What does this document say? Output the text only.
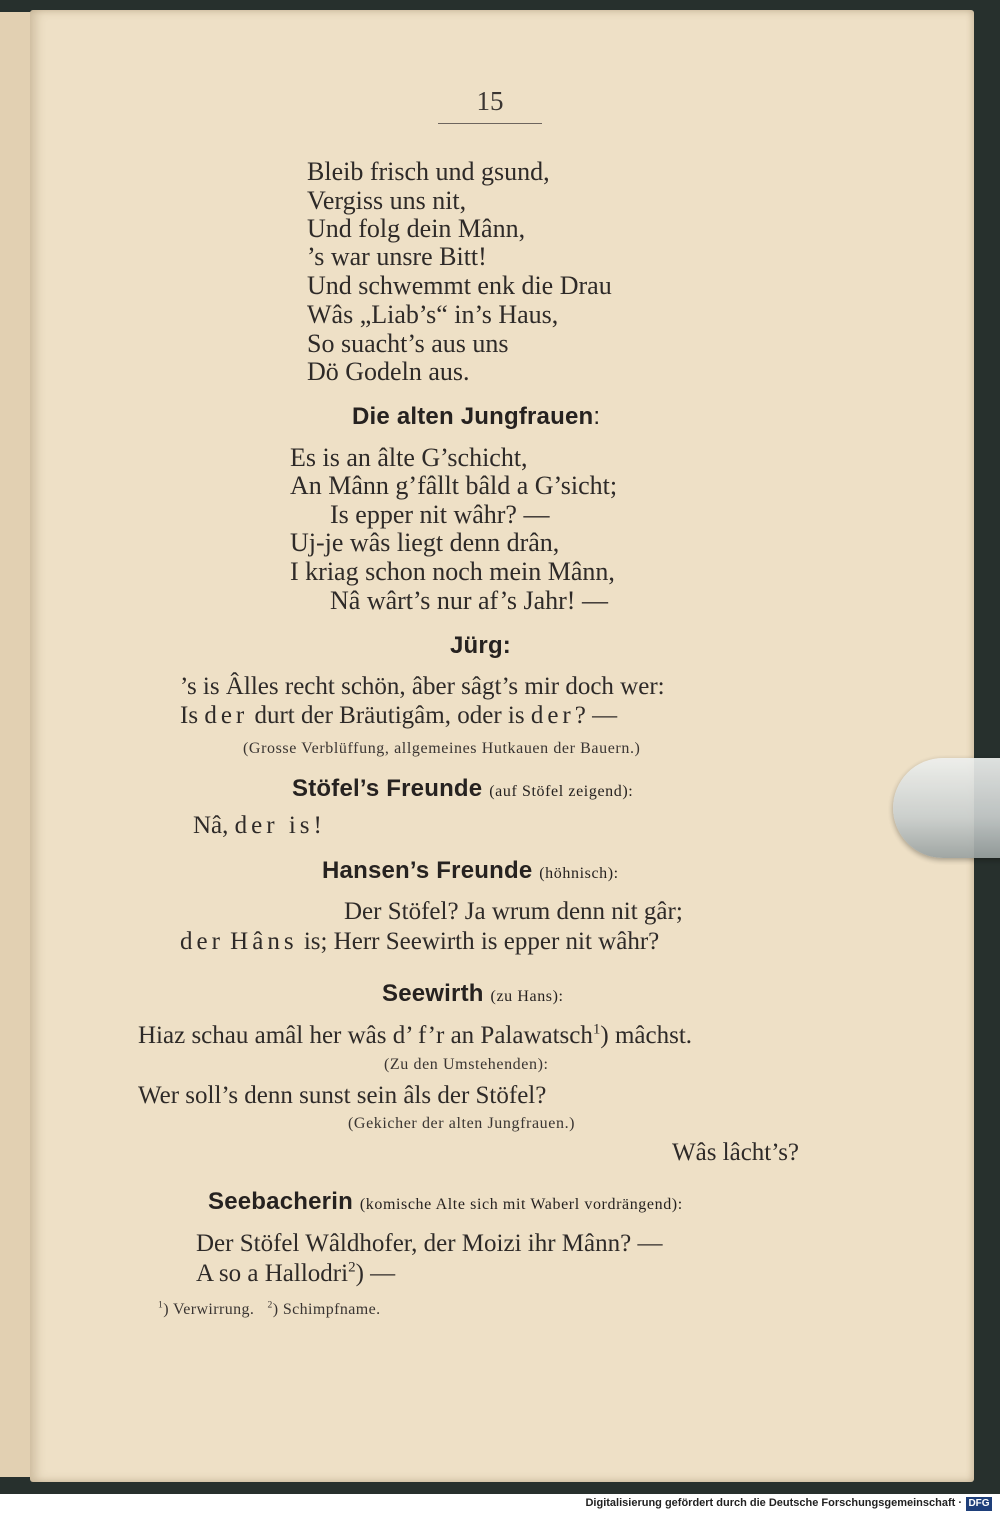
15
Bleib frisch und gsund,
Vergiss uns nit,
Und folg dein Mânn,
’s war unsre Bitt!
Und schwemmt enk die Drau
Wâs „Liab’s“ in’s Haus,
So suacht’s aus uns
Dö Godeln aus.
Die alten Jungfrauen:
Es is an âlte G’schicht,
An Mânn g’fâllt bâld a G’sicht;
Is epper nit wâhr? —
Uj-je wâs liegt denn drân,
I kriag schon noch mein Mânn,
Nâ wârt’s nur af’s Jahr! —
Jürg:
’s is Âlles recht schön, âber sâgt’s mir doch wer:
Is der durt der Bräutigâm, oder is der? —
(Grosse Verblüffung, allgemeines Hutkauen der Bauern.)
Stöfel’s Freunde (auf Stöfel zeigend):
Nâ, der is!
Hansen’s Freunde (höhnisch):
Der Stöfel? Ja wrum denn nit gâr;
der Hâns is; Herr Seewirth is epper nit wâhr?
Seewirth (zu Hans):
Hiaz schau amâl her wâs d’ f’r an Palawatsch$^1$) mâchst.
(Zu den Umstehenden):
Wer soll’s denn sunst sein âls der Stöfel?
(Gekicher der alten Jungfrauen.)
Wâs lâcht’s?
Seebacherin (komische Alte sich mit Waberl vordrängend):
Der Stöfel Wâldhofer, der Moizi ihr Mânn? —
A so a Hallodri$^2$) —
$^1$) Verwirrung. $^2$) Schimpfname.
Digitalisierung gefördert durch die Deutsche Forschungsgemeinschaft · DFG
